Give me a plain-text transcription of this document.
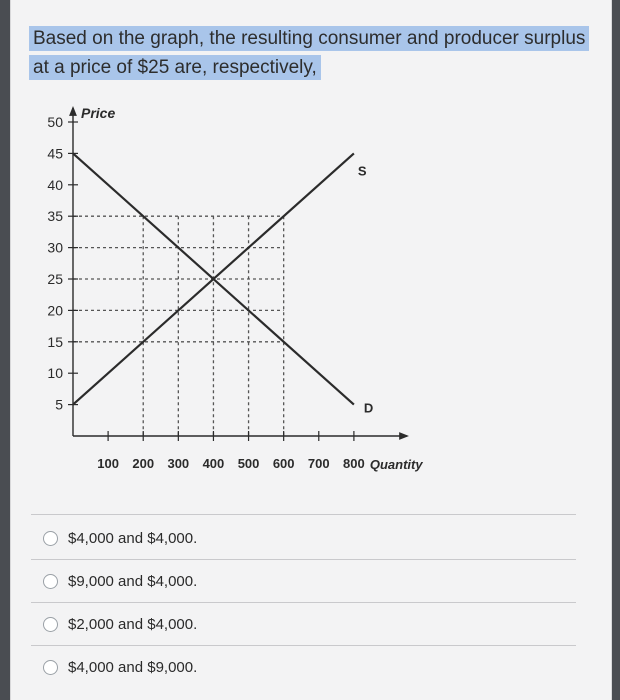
Based on the graph, the resulting consumer and producer surplus at a price of $25 are, respectively,
5
10
15
20
25
30
35
40
45
50
100 200 300 400 500 600 700 800
Price
Quantity
S
D
$4,000 and $4,000.
$9,000 and $4,000.
$2,000 and $4,000.
$4,000 and $9,000.
